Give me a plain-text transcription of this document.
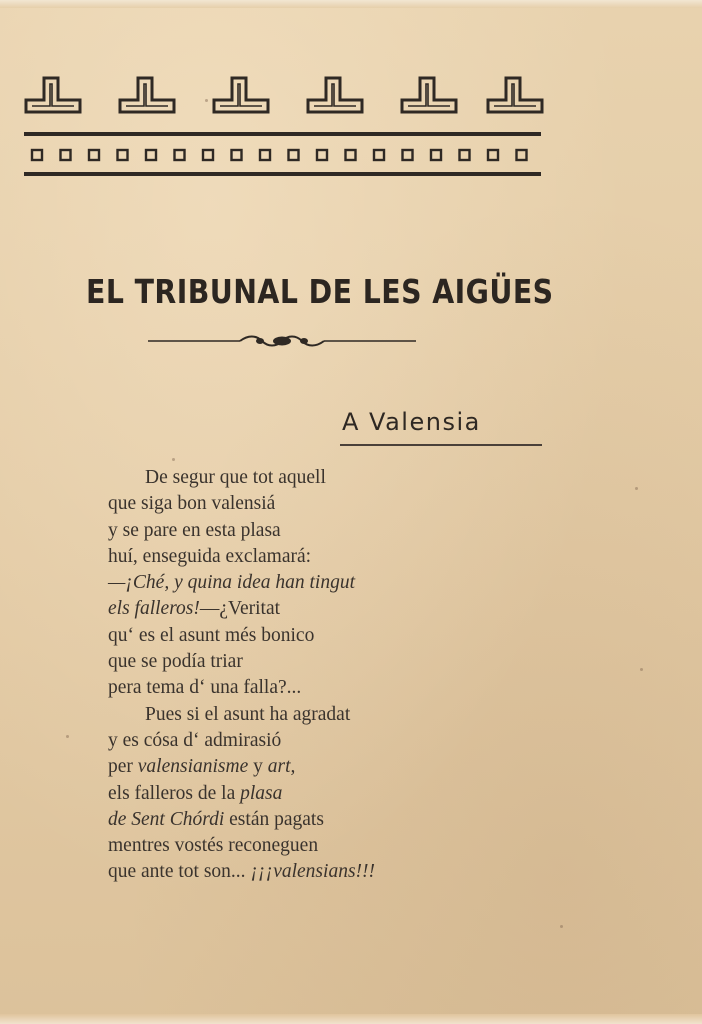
EL TRIBUNAL DE LES AIGÜES
A Valensia
De segur que tot aquell
que siga bon valensiá
y se pare en esta plasa
huí, enseguida exclamará:
—¡Ché, y quina idea han tingut
els falleros!—¿Veritat
qu‘ es el asunt més bonico
que se podía triar
pera tema d‘ una falla?...
Pues si el asunt ha agradat
y es cósa d‘ admirasió
per valensianisme y art,
els falleros de la plasa
de Sent Chórdi están pagats
mentres vostés reconeguen
que ante tot son... ¡¡¡valensians!!!
